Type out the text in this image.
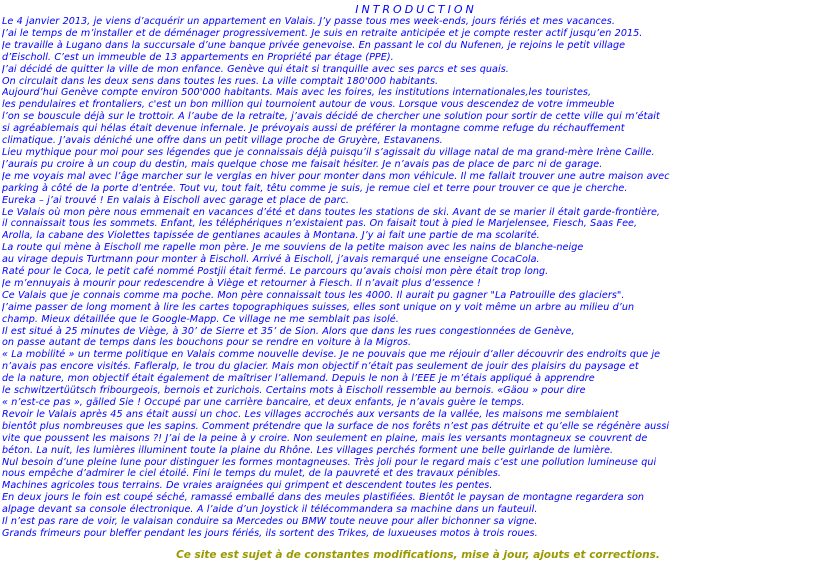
INTRODUCTION
Le 4 janvier 2013, je viens d’acquérir un appartement en Valais. J’y passe tous mes week-ends, jours fériés et mes vacances.
J’ai le temps de m’installer et de déménager progressivement. Je suis en retraite anticipée et je compte rester actif jusqu’en 2015.
Je travaille à Lugano dans la succursale d’une banque privée genevoise. En passant le col du Nufenen, je rejoins le petit village
d’Eischoll. C’est un immeuble de 13 appartements en Propriété par étage (PPE).
J’ai décidé de quitter la ville de mon enfance. Genève qui était si tranquille avec ses parcs et ses quais.
On circulait dans les deux sens dans toutes les rues. La ville comptait 180'000 habitants.
Aujourd’hui Genève compte environ 500'000 habitants. Mais avec les foires, les institutions internationales,les touristes,
les pendulaires et frontaliers, c'est un bon million qui tournoient autour de vous. Lorsque vous descendez de votre immeuble
l’on se bouscule déjà sur le trottoir. À l’aube de la retraite, j’avais décidé de chercher une solution pour sortir de cette ville qui m’était
si agréablemais qui hélas était devenue infernale. Je prévoyais aussi de préférer la montagne comme refuge du réchauffement
climatique. J’avais déniché une offre dans un petit village proche de Gruyère, Estavanens.
Lieu mythique pour moi pour ses légendes que je connaissais déjà puisqu’il s’agissait du village natal de ma grand-mère Irène Caille.
J’aurais pu croire à un coup du destin, mais quelque chose me faisait hésiter. Je n’avais pas de place de parc ni de garage.
Je me voyais mal avec l’âge marcher sur le verglas en hiver pour monter dans mon véhicule. Il me fallait trouver une autre maison avec
parking à côté de la porte d’entrée. Tout vu, tout fait, têtu comme je suis, je remue ciel et terre pour trouver ce que je cherche.
Eureka – j’ai trouvé ! En valais à Eischoll avec garage et place de parc.
Le Valais où mon père nous emmenait en vacances d’été et dans toutes les stations de ski. Avant de se marier il était garde-frontière,
il connaissait tous les sommets. Enfant, les téléphériques n’existaient pas. On faisait tout à pied le Marjelensee, Fiesch, Saas Fee,
Arolla, la cabane des Violettes tapissée de gentianes acaules à Montana. J’y ai fait une partie de ma scolarité.
La route qui mène à Eischoll me rapelle mon père. Je me souviens de la petite maison avec les nains de blanche-neige
au virage depuis Turtmann pour monter à Eischoll. Arrivé à Eischoll, j’avais remarqué une enseigne CocaCola.
Raté pour le Coca, le petit café nommé Postjii était fermé. Le parcours qu’avais choisi mon père était trop long.
Je m’ennuyais à mourir pour redescendre à Viège et retourner à Fiesch. Il n’avait plus d’essence !
Ce Valais que je connais comme ma poche. Mon père connaissait tous les 4000. Il aurait pu gagner "La Patrouille des glaciers".
J’aime passer de long moment à lire les cartes topographiques suisses, elles sont unique on y voit même un arbre au milieu d’un
champ. Mieux détaillée que le Google-Mapp. Ce village ne me semblait pas isolé.
Il est situé à 25 minutes de Viège, à 30’ de Sierre et 35’ de Sion. Alors que dans les rues congestionnées de Genève,
on passe autant de temps dans les bouchons pour se rendre en voiture à la Migros.
« La mobilité » un terme politique en Valais comme nouvelle devise. Je ne pouvais que me réjouir d’aller découvrir des endroits que je
n’avais pas encore visités. Fafleralp, le trou du glacier. Mais mon objectif n’était pas seulement de jouir des plaisirs du paysage et
de la nature, mon objectif était également de maîtriser l’allemand. Depuis le non à l’EEE je m’étais appliqué à apprendre
le schwitzertüütsch fribourgeois, bernois et zurichois. Certains mots à Eischoll ressemble au bernois. «Gäou » pour dire
« n’est-ce pas », gälled Sie ! Occupé par une carrière bancaire, et deux enfants, je n’avais guère le temps.
Revoir le Valais après 45 ans était aussi un choc. Les villages accrochés aux versants de la vallée, les maisons me semblaient
bientôt plus nombreuses que les sapins. Comment prétendre que la surface de nos forêts n’est pas détruite et qu’elle se régénère aussi
vite que poussent les maisons ?! J’ai de la peine à y croire. Non seulement en plaine, mais les versants montagneux se couvrent de
béton. La nuit, les lumières illuminent toute la plaine du Rhône. Les villages perchés forment une belle guirlande de lumière.
Nul besoin d’une pleine lune pour distinguer les formes montagneuses. Très joli pour le regard mais c’est une pollution lumineuse qui
nous empêche d’admirer le ciel étoilé. Fini le temps du mulet, de la pauvreté et des travaux pénibles.
Machines agricoles tous terrains. De vraies araignées qui grimpent et descendent toutes les pentes.
En deux jours le foin est coupé séché, ramassé emballé dans des meules plastifiées. Bientôt le paysan de montagne regardera son
alpage devant sa console électronique. À l’aide d’un Joystick il télécommandera sa machine dans un fauteuil.
Il n’est pas rare de voir, le valaisan conduire sa Mercedes ou BMW toute neuve pour aller bichonner sa vigne.
Grands frimeurs pour bleffer pendant les jours fériés, ils sortent des Trikes, de luxueuses motos à trois roues.
Ce site est sujet à de constantes modifications, mise à jour, ajouts et corrections.
